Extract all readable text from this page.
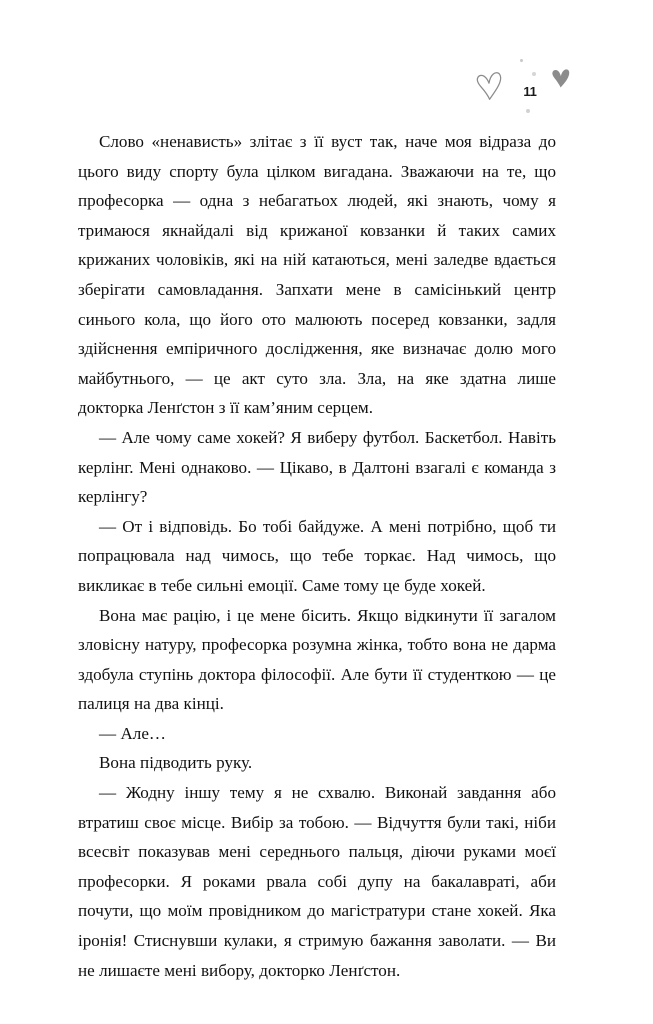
11

Слово «ненависть» злітає з її вуст так, наче моя відраза до цього виду спорту була цілком вигадана. Зважаючи на те, що професорка — одна з небагатьох людей, які знають, чому я тримаюся якнайдалі від крижаної ковзанки й таких самих крижаних чоловіків, які на ній катаються, мені заледве вдається зберігати самовладання. Запхати мене в самісінький центр синього кола, що його ото малюють посеред ковзанки, задля здійснення емпіричного дослідження, яке визначає долю мого майбутнього, — це акт суто зла. Зла, на яке здатна лише докторка Ленґстон з її кам’яним серцем.

— Але чому саме хокей? Я виберу футбол. Баскетбол. Навіть керлінг. Мені однаково. — Цікаво, в Далтоні взагалі є команда з керлінгу?

— От і відповідь. Бо тобі байдуже. А мені потрібно, щоб ти попрацювала над чимось, що тебе торкає. Над чимось, що викликає в тебе сильні емоції. Саме тому це буде хокей.

Вона має рацію, і це мене бісить. Якщо відкинути її загалом зловісну натуру, професорка розумна жінка, тобто вона не дарма здобула ступінь доктора філософії. Але бути її студенткою — це палиця на два кінці.

— Але…

Вона підводить руку.

— Жодну іншу тему я не схвалю. Виконай завдання або втратиш своє місце. Вибір за тобою. — Відчуття були такі, ніби всесвіт показував мені середнього пальця, діючи руками моєї професорки. Я роками рвала собі дупу на бакалавраті, аби почути, що моїм провідником до магістратури стане хокей. Яка іронія! Стиснувши кулаки, я стримую бажання заволати. — Ви не лишаєте мені вибору, докторко Ленґстон.
